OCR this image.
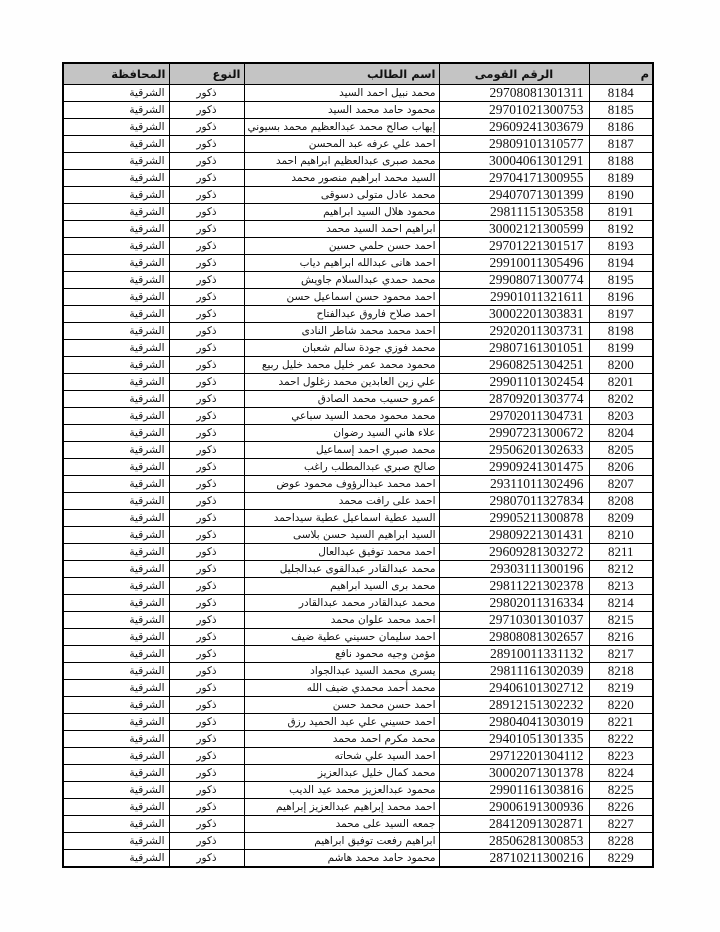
م	الرقم القومى	اسم الطالب	النوع	المحافظة
8184	29708081301311	محمد نبيل احمد السيد	ذكور	الشرقية
8185	29701021300753	محمود حامد محمد السيد	ذكور	الشرقية
8186	29609241303679	إيهاب صالح محمد عبدالعظيم محمد بسيوني	ذكور	الشرقية
8187	29809101310577	احمد علي عرفه عبد المحسن	ذكور	الشرقية
8188	30004061301291	محمد صبرى عبدالعظيم ابراهيم احمد	ذكور	الشرقية
8189	29704171300955	السيد محمد ابراهيم منصور محمد	ذكور	الشرقية
8190	29407071301399	محمد عادل متولى دسوقى	ذكور	الشرقية
8191	29811151305358	محمود هلال السيد ابراهيم	ذكور	الشرقية
8192	30002121300599	ابراهيم احمد السيد محمد	ذكور	الشرقية
8193	29701221301517	احمد حسن حلمي حسين	ذكور	الشرقية
8194	29910011305496	احمد هانى عبدالله ابراهيم دياب	ذكور	الشرقية
8195	29908071300774	محمد حمدي عبدالسلام جاويش	ذكور	الشرقية
8196	29901011321611	احمد محمود حسن اسماعيل حسن	ذكور	الشرقية
8197	30002201303831	احمد صلاح فاروق عبدالفتاح	ذكور	الشرقية
8198	29202011303731	احمد محمد محمد شاطر النادى	ذكور	الشرقية
8199	29807161301051	محمد فوزي جودة سالم شعبان	ذكور	الشرقية
8200	29608251304251	محمود محمد عمر خليل محمد خليل ربيع	ذكور	الشرقية
8201	29901101302454	علي زين العابدين محمد زغلول احمد	ذكور	الشرقية
8202	28709201303774	عمرو حسيب محمد الصادق	ذكور	الشرقية
8203	29702011304731	محمد محمود محمد السيد سباعي	ذكور	الشرقية
8204	29907231300672	علاء هاني السيد رضوان	ذكور	الشرقية
8205	29506201302633	محمد صبري احمد إسماعيل	ذكور	الشرقية
8206	29909241301475	صالح صبري عبدالمطلب راغب	ذكور	الشرقية
8207	29311011302496	احمد محمد عبدالرؤوف محمود عوض	ذكور	الشرقية
8208	29807011327834	احمد على رافت محمد	ذكور	الشرقية
8209	29905211300878	السيد عطية اسماعيل عطية سيداحمد	ذكور	الشرقية
8210	29809221301431	السيد ابراهيم السيد حسن بلاسى	ذكور	الشرقية
8211	29609281303272	احمد محمد توفيق عبدالعال	ذكور	الشرقية
8212	29303111300196	محمد عبدالقادر عبدالقوى عبدالجليل	ذكور	الشرقية
8213	29811221302378	محمد برى السيد ابراهيم	ذكور	الشرقية
8214	29802011316334	محمد عبدالقادر محمد عبدالقادر	ذكور	الشرقية
8215	29710301301037	احمد محمد علوان محمد	ذكور	الشرقية
8216	29808081302657	احمد سليمان حسيني عطية ضيف	ذكور	الشرقية
8217	28910011331132	مؤمن وجيه محمود نافع	ذكور	الشرقية
8218	29811161302039	يسرى محمد السيد عبدالجواد	ذكور	الشرقية
8219	29406101302712	محمد أحمد محمدي ضيف الله	ذكور	الشرقية
8220	28912151302232	احمد حسن محمد حسن	ذكور	الشرقية
8221	29804041303019	احمد حسيني علي عبد الحميد رزق	ذكور	الشرقية
8222	29401051301335	محمد مكرم احمد محمد	ذكور	الشرقية
8223	29712201304112	احمد السيد علي شحاته	ذكور	الشرقية
8224	30002071301378	محمد كمال خليل عبدالعزيز	ذكور	الشرقية
8225	29901161303816	محمود عبدالعزيز محمد عيد الديب	ذكور	الشرقية
8226	29006191300936	احمد محمد إبراهيم عبدالعزيز إبراهيم	ذكور	الشرقية
8227	28412091302871	جمعه السيد على محمد	ذكور	الشرقية
8228	28506281300853	ابراهيم رفعت توفيق ابراهيم	ذكور	الشرقية
8229	28710211300216	محمود حامد محمد هاشم	ذكور	الشرقية
